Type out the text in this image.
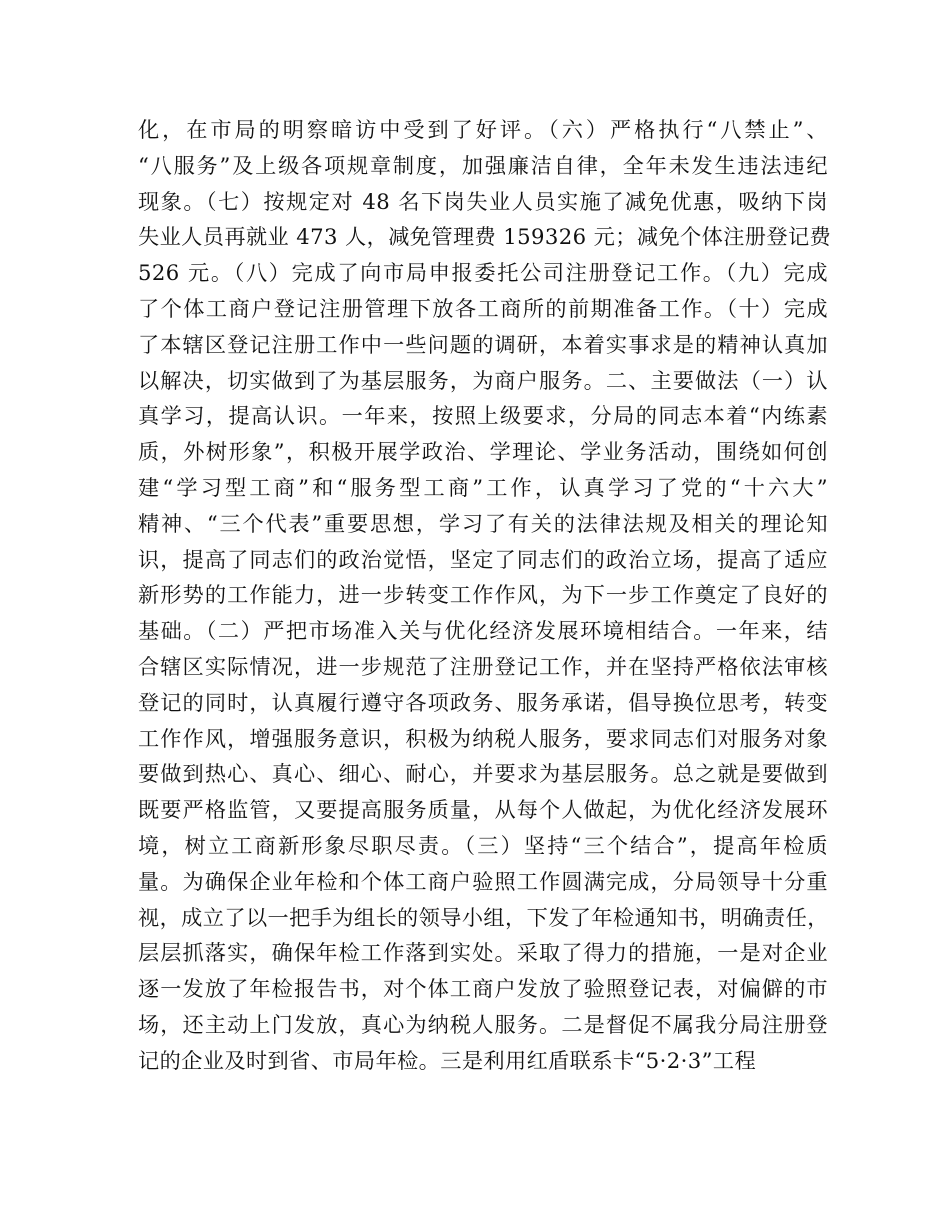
化，在市局的明察暗访中受到了好评。（六）严格执行“八禁止”、
“八服务”及上级各项规章制度，加强廉洁自律，全年未发生违法违纪
现象。（七）按规定对 48 名下岗失业人员实施了减免优惠，吸纳下岗
失业人员再就业 473 人，减免管理费 159326 元；减免个体注册登记费
526 元。（八）完成了向市局申报委托公司注册登记工作。（九）完成
了个体工商户登记注册管理下放各工商所的前期准备工作。（十）完成
了本辖区登记注册工作中一些问题的调研，本着实事求是的精神认真加
以解决，切实做到了为基层服务，为商户服务。二、主要做法（一）认
真学习，提高认识。一年来，按照上级要求，分局的同志本着“内练素
质，外树形象”，积极开展学政治、学理论、学业务活动，围绕如何创
建“学习型工商”和“服务型工商”工作，认真学习了党的“十六大”
精神、“三个代表”重要思想，学习了有关的法律法规及相关的理论知
识，提高了同志们的政治觉悟，坚定了同志们的政治立场，提高了适应
新形势的工作能力，进一步转变工作作风，为下一步工作奠定了良好的
基础。（二）严把市场准入关与优化经济发展环境相结合。一年来，结
合辖区实际情况，进一步规范了注册登记工作，并在坚持严格依法审核
登记的同时，认真履行遵守各项政务、服务承诺，倡导换位思考，转变
工作作风，增强服务意识，积极为纳税人服务，要求同志们对服务对象
要做到热心、真心、细心、耐心，并要求为基层服务。总之就是要做到
既要严格监管，又要提高服务质量，从每个人做起，为优化经济发展环
境，树立工商新形象尽职尽责。（三）坚持“三个结合”，提高年检质
量。为确保企业年检和个体工商户验照工作圆满完成，分局领导十分重
视，成立了以一把手为组长的领导小组，下发了年检通知书，明确责任，
层层抓落实，确保年检工作落到实处。采取了得力的措施，一是对企业
逐一发放了年检报告书，对个体工商户发放了验照登记表，对偏僻的市
场，还主动上门发放，真心为纳税人服务。二是督促不属我分局注册登
记的企业及时到省、市局年检。三是利用红盾联系卡“5·2·3”工程
